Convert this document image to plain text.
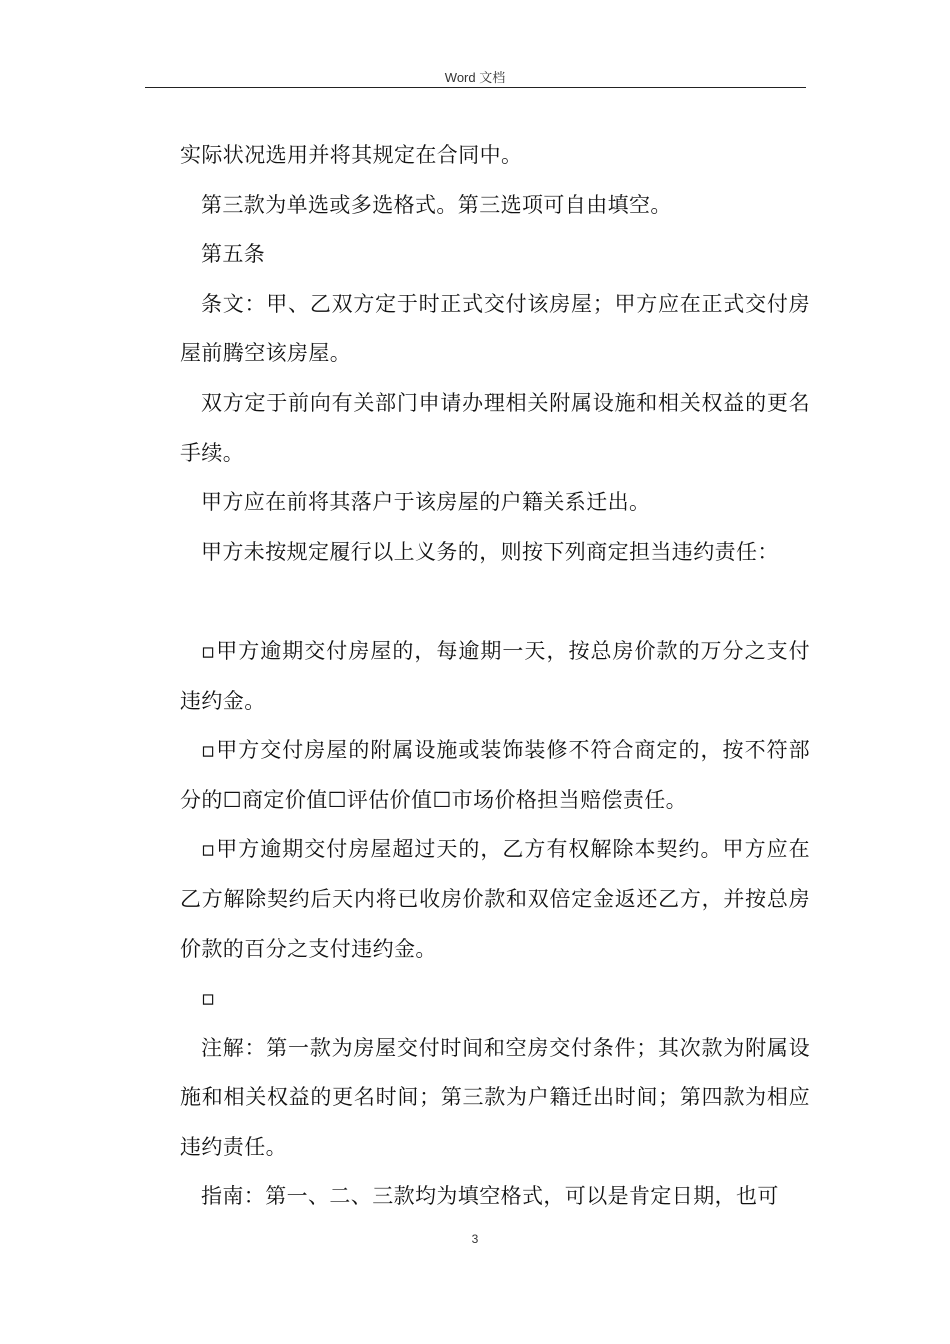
Word 文档

实际状况选用并将其规定在合同中。

第三款为单选或多选格式。第三选项可自由填空。

第五条

条文：甲、乙双方定于时正式交付该房屋；甲方应在正式交付房屋前腾空该房屋。

双方定于前向有关部门申请办理相关附属设施和相关权益的更名手续。

甲方应在前将其落户于该房屋的户籍关系迁出。

甲方未按规定履行以上义务的，则按下列商定担当违约责任：

▫甲方逾期交付房屋的，每逾期一天，按总房价款的万分之支付违约金。

▫甲方交付房屋的附属设施或装饰装修不符合商定的，按不符部分的☐商定价值☐评估价值☐市场价格担当赔偿责任。

▫甲方逾期交付房屋超过天的，乙方有权解除本契约。甲方应在乙方解除契约后天内将已收房价款和双倍定金返还乙方，并按总房价款的百分之支付违约金。

▫

注解：第一款为房屋交付时间和空房交付条件；其次款为附属设施和相关权益的更名时间；第三款为户籍迁出时间；第四款为相应违约责任。

指南：第一、二、三款均为填空格式，可以是肯定日期，也可

3
